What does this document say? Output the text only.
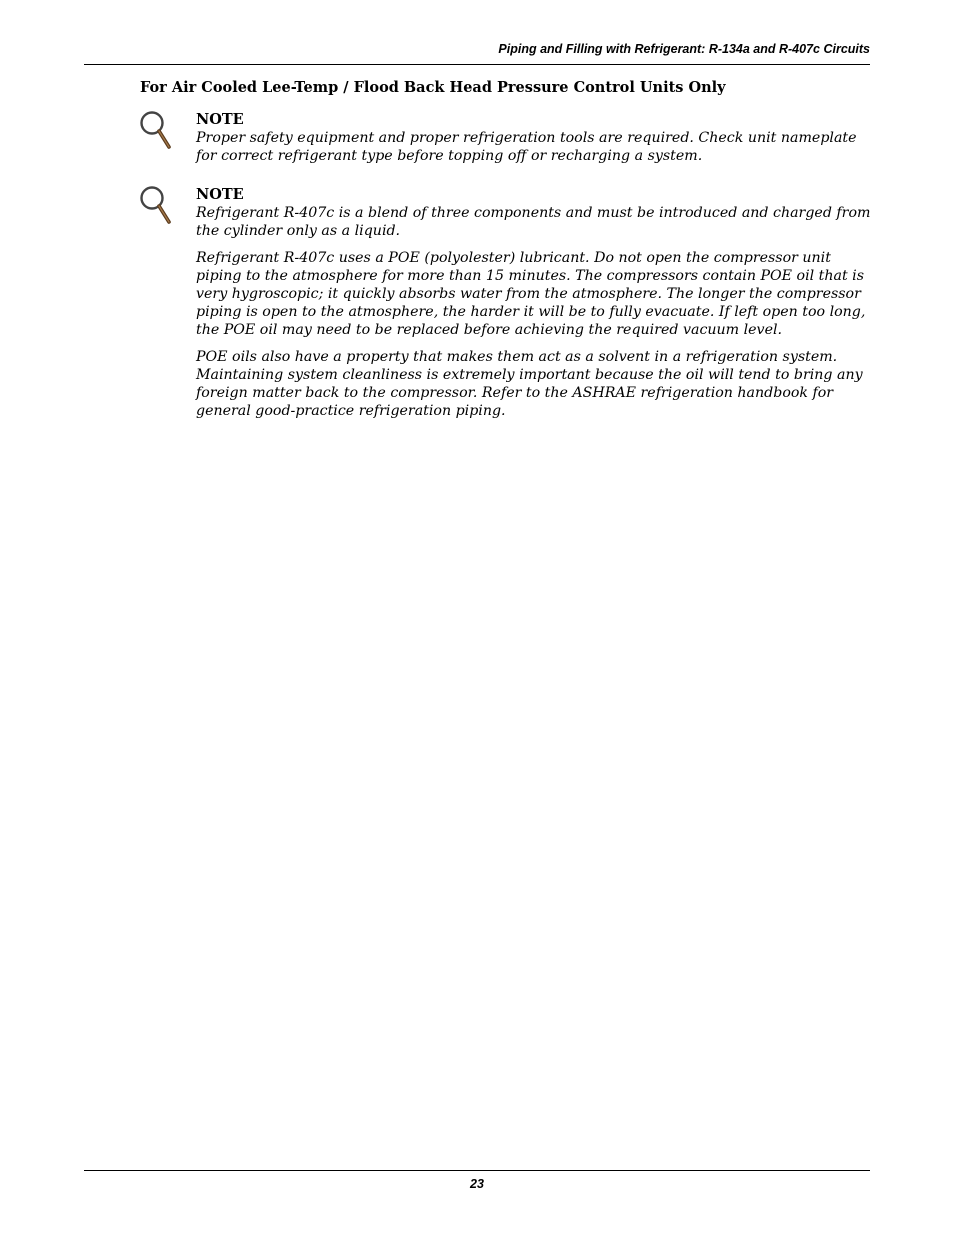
Piping and Filling with Refrigerant: R-134a and R-407c Circuits
For Air Cooled Lee-Temp / Flood Back Head Pressure Control Units Only

NOTE

Proper safety equipment and proper refrigeration tools are required. Check unit nameplate for correct refrigerant type before topping off or recharging a system.

NOTE

Refrigerant R-407c is a blend of three components and must be introduced and charged from the cylinder only as a liquid.

Refrigerant R-407c uses a POE (polyolester) lubricant. Do not open the compressor unit piping to the atmosphere for more than 15 minutes. The compressors contain POE oil that is very hygroscopic; it quickly absorbs water from the atmosphere. The longer the compressor piping is open to the atmosphere, the harder it will be to fully evacuate. If left open too long, the POE oil may need to be replaced before achieving the required vacuum level.

POE oils also have a property that makes them act as a solvent in a refrigeration system. Maintaining system cleanliness is extremely important because the oil will tend to bring any foreign matter back to the compressor. Refer to the ASHRAE refrigeration handbook for general good-practice refrigeration piping.

23
